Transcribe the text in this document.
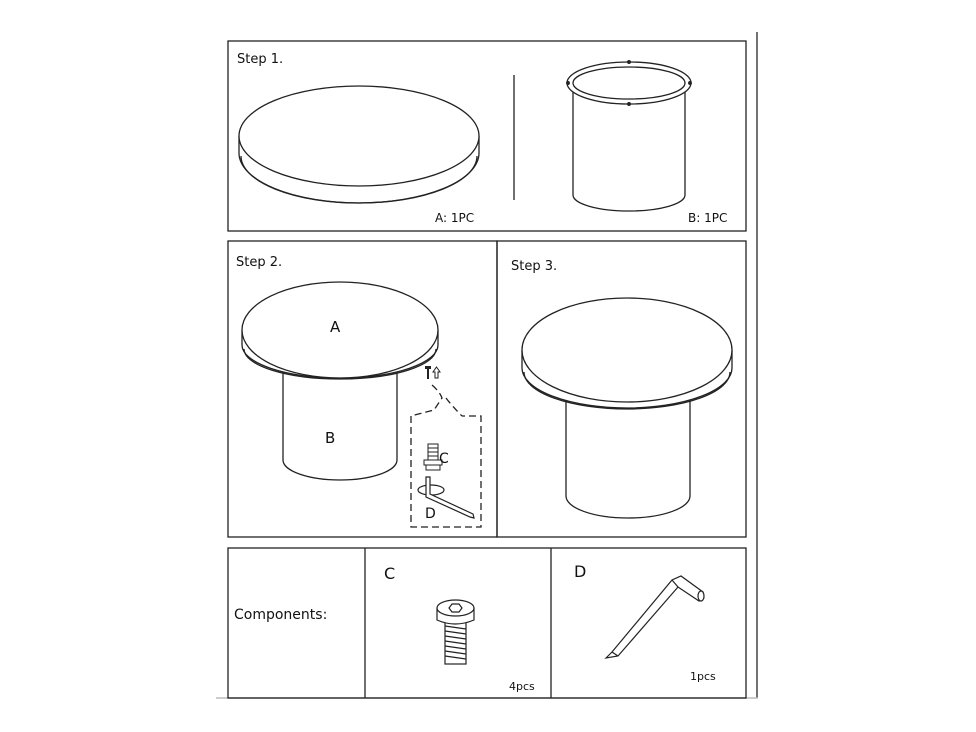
Step 1.
A: 1PC	B: 1PC
Step 2.
A
B
C
D
Step 3.
Components:
C	D
4pcs
1pcs
